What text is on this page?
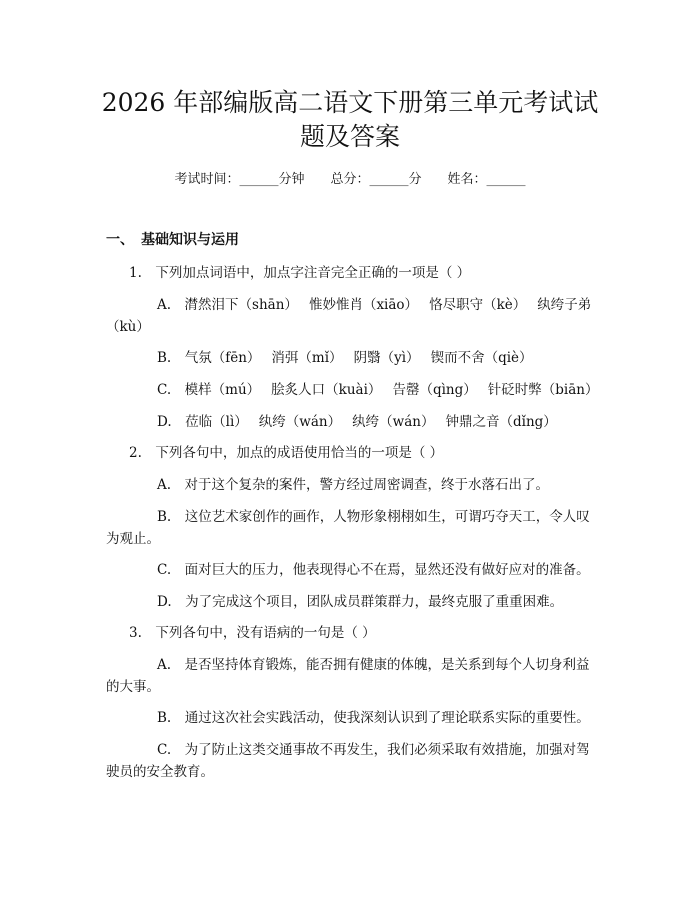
2026 年部编版高二语文下册第三单元考试试
题及答案
考试时间：______分钟　　总分：______分　　姓名：______
一、　基础知识与运用
1.　下列加点词语中，加点字注音完全正确的一项是（ ）
A.　潸然泪下（shān）　 惟妙惟肖（xiāo）　 恪尽职守（kè）　 纨绔子弟
（kù）
B.　气氛（fēn）　 消弭（mǐ）　 阴翳（yì）　 锲而不舍（qiè）
C.　模样（mú）　 脍炙人口（kuài）　 告罄（qìng）　 针砭时弊（biān）
D.　莅临（lì）　 纨绔（wán）　 纨绔（wán）　 钟鼎之音（dǐng）
2.　下列各句中，加点的成语使用恰当的一项是（ ）
A.　对于这个复杂的案件，警方经过周密调查，终于水落石出了。
B.　这位艺术家创作的画作，人物形象栩栩如生，可谓巧夺天工，令人叹
为观止。
C.　面对巨大的压力，他表现得心不在焉，显然还没有做好应对的准备。
D.　为了完成这个项目，团队成员群策群力，最终克服了重重困难。
3.　下列各句中，没有语病的一句是（ ）
A.　是否坚持体育锻炼，能否拥有健康的体魄，是关系到每个人切身利益
的大事。
B.　通过这次社会实践活动，使我深刻认识到了理论联系实际的重要性。
C.　为了防止这类交通事故不再发生，我们必须采取有效措施，加强对驾
驶员的安全教育。
